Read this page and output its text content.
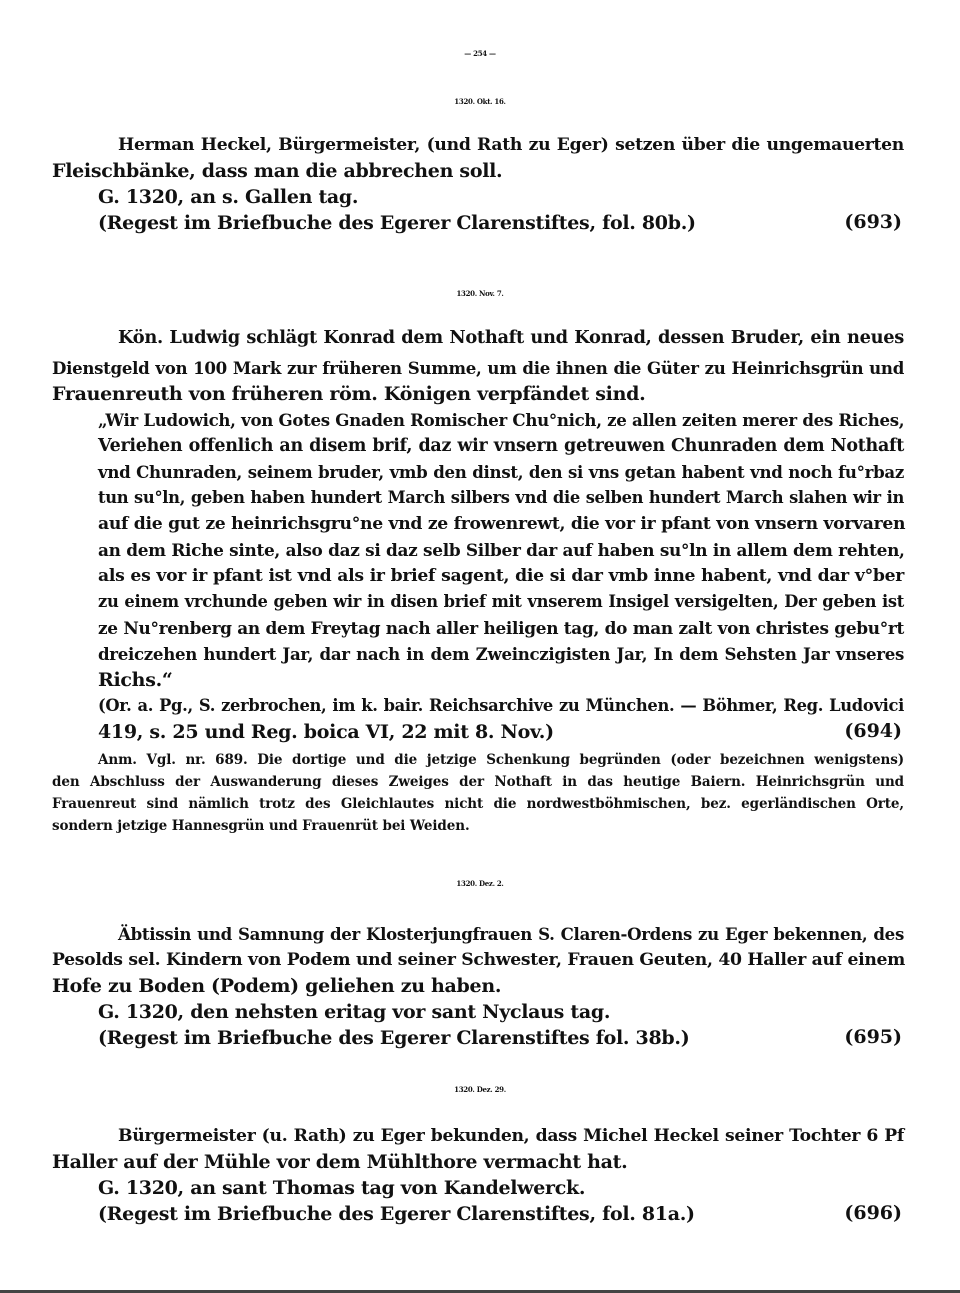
— 254 —
1320. Okt. 16.
Herman Heckel, Bürgermeister, (und Rath zu Eger) setzen über die ungemauerten
Fleischbänke, dass man die abbrechen soll.
G. 1320, an s. Gallen tag.
(Regest im Briefbuche des Egerer Clarenstiftes, fol. 80b.)	(693)
1320. Nov. 7.
Kön. Ludwig schlägt Konrad dem Nothaft und Konrad, dessen Bruder, ein neues
Dienstgeld von 100 Mark zur früheren Summe, um die ihnen die Güter zu Heinrichsgrün und
Frauenreuth von früheren röm. Königen verpfändet sind.
„Wir Ludowich, von Gotes Gnaden Romischer Chu°nich, ze allen zeiten merer des Riches,
Veriehen offenlich an disem brif, daz wir vnsern getreuwen Chunraden dem Nothaft
vnd Chunraden, seinem bruder, vmb den dinst, den si vns getan habent vnd noch fu°rbaz
tun su°ln, geben haben hundert March silbers vnd die selben hundert March slahen wir in
auf die gut ze heinrichsgru°ne vnd ze frowenrewt, die vor ir pfant von vnsern vorvaren
an dem Riche sinte, also daz si daz selb Silber dar auf haben su°ln in allem dem rehten,
als es vor ir pfant ist vnd als ir brief sagent, die si dar vmb inne habent, vnd dar v°ber
zu einem vrchunde geben wir in disen brief mit vnserem Insigel versigelten, Der geben ist
ze Nu°renberg an dem Freytag nach aller heiligen tag, do man zalt von christes gebu°rt
dreiczehen hundert Jar, dar nach in dem Zweinczigisten Jar, In dem Sehsten Jar vnseres
Richs.“
(Or. a. Pg., S. zerbrochen, im k. bair. Reichsarchive zu München. — Böhmer, Reg. Ludovici
419, s. 25 und Reg. boica VI, 22 mit 8. Nov.)	(694)
Anm. Vgl. nr. 689. Die dortige und die jetzige Schenkung begründen (oder bezeichnen wenigstens)
den Abschluss der Auswanderung dieses Zweiges der Nothaft in das heutige Baiern. Heinrichsgrün und
Frauenreut sind nämlich trotz des Gleichlautes nicht die nordwestböhmischen, bez. egerländischen Orte,
sondern jetzige Hannesgrün und Frauenrüt bei Weiden.
1320. Dez. 2.
Äbtissin und Samnung der Klosterjungfrauen S. Claren-Ordens zu Eger bekennen, des
Pesolds sel. Kindern von Podem und seiner Schwester, Frauen Geuten, 40 Haller auf einem
Hofe zu Boden (Podem) geliehen zu haben.
G. 1320, den nehsten eritag vor sant Nyclaus tag.
(Regest im Briefbuche des Egerer Clarenstiftes fol. 38b.)	(695)
1320. Dez. 29.
Bürgermeister (u. Rath) zu Eger bekunden, dass Michel Heckel seiner Tochter 6 Pf
Haller auf der Mühle vor dem Mühlthore vermacht hat.
G. 1320, an sant Thomas tag von Kandelwerck.
(Regest im Briefbuche des Egerer Clarenstiftes, fol. 81a.)	(696)
